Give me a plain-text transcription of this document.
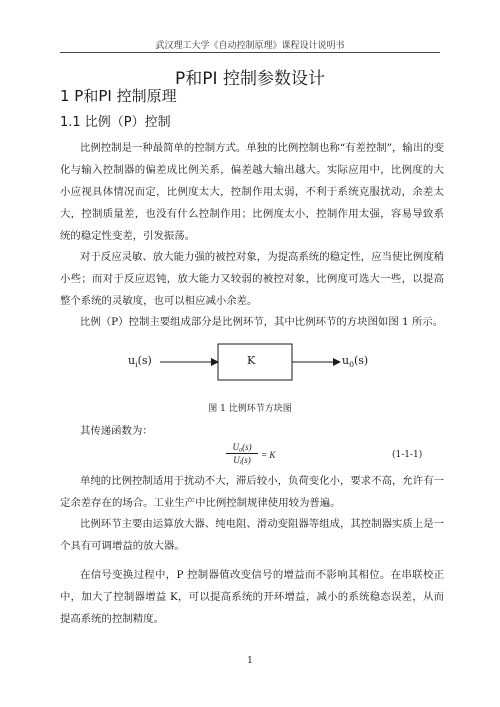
武汉理工大学《自动控制原理》课程设计说明书
P和PI 控制参数设计
1 P和PI 控制原理
1.1 比例（P）控制

比例控制是一种最简单的控制方式。单独的比例控制也称“有差控制”，输出的变化与输入控制器的偏差成比例关系，偏差越大输出越大。实际应用中，比例度的大小应视具体情况而定，比例度太大，控制作用太弱，不利于系统克服扰动，余差太大，控制质量差，也没有什么控制作用；比例度太小，控制作用太强，容易导致系统的稳定性变差，引发振荡。

对于反应灵敏、放大能力强的被控对象，为提高系统的稳定性，应当使比例度稍小些；而对于反应迟钝，放大能力又较弱的被控对象，比例度可选大一些，以提高整个系统的灵敏度，也可以相应减小余差。

比例（P）控制主要组成部分是比例环节，其中比例环节的方块图如图 1 所示。

$u_i(s)$	K	$u_0(s)$
图 1 比例环节方块图

其传递函数为：

$\frac{\text{U₀(s)}}{\text{Uᵢ(s)}} = K$	(1-1-1)

单纯的比例控制适用于扰动不大，滞后较小，负荷变化小，要求不高，允许有一定余差存在的场合。工业生产中比例控制规律使用较为普遍。

比例环节主要由运算放大器、纯电阻、滑动变阻器等组成，其控制器实质上是一个具有可调增益的放大器。

在信号变换过程中，P 控制器值改变信号的增益而不影响其相位。在串联校正中，加大了控制器增益 K，可以提高系统的开环增益，减小的系统稳态误差，从而提高系统的控制精度。

1
